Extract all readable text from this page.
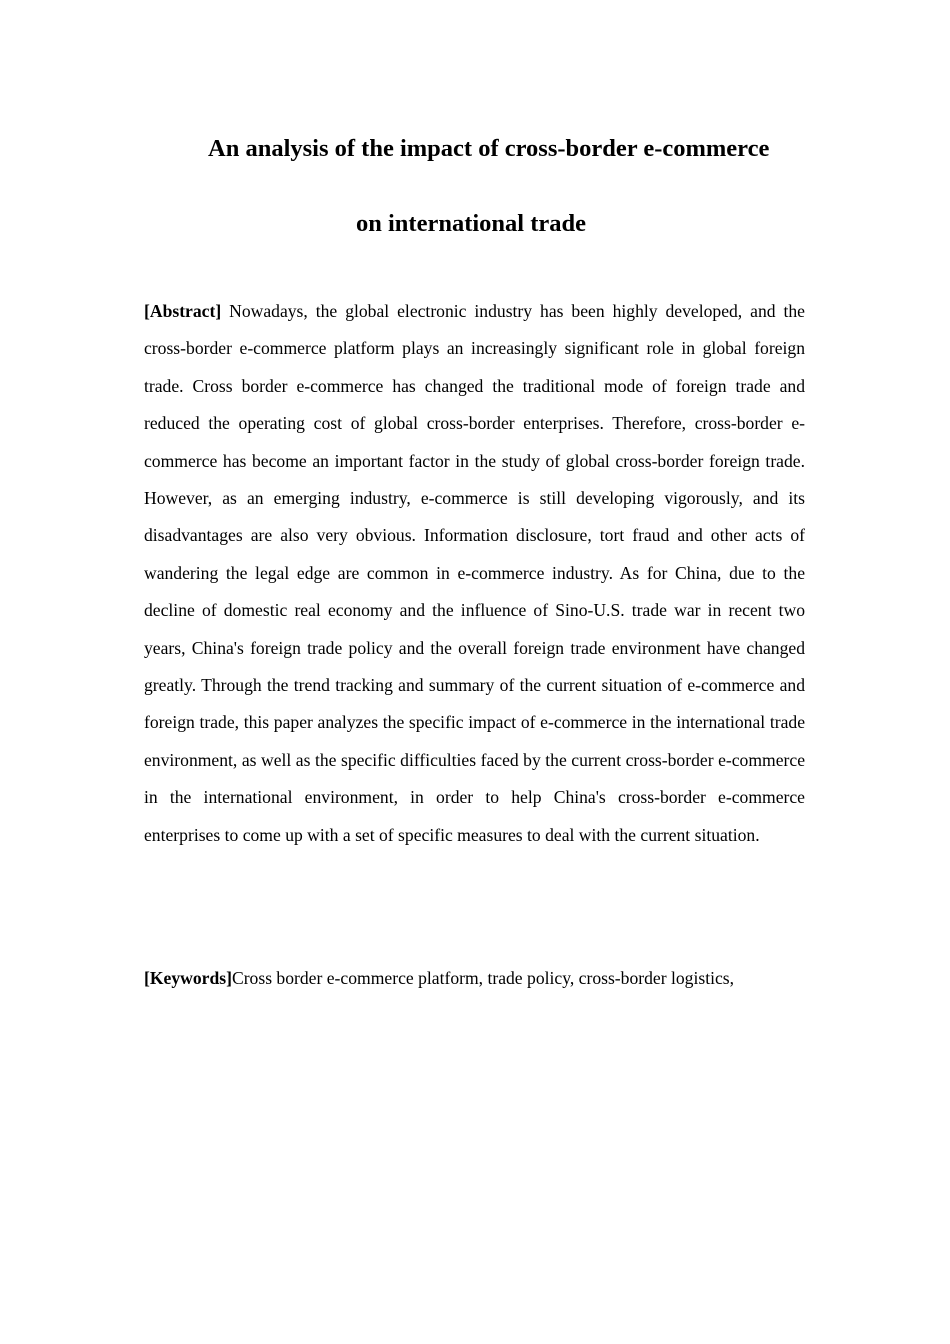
An analysis of the impact of cross-border e-commerce
on international trade

[Abstract] Nowadays, the global electronic industry has been highly developed, and the cross-border e-commerce platform plays an increasingly significant role in global foreign trade. Cross border e-commerce has changed the traditional mode of foreign trade and reduced the operating cost of global cross-border enterprises. Therefore, cross-border e-commerce has become an important factor in the study of global cross-border foreign trade. However, as an emerging industry, e-commerce is still developing vigorously, and its disadvantages are also very obvious. Information disclosure, tort fraud and other acts of wandering the legal edge are common in e-commerce industry. As for China, due to the decline of domestic real economy and the influence of Sino-U.S. trade war in recent two years, China's foreign trade policy and the overall foreign trade environment have changed greatly. Through the trend tracking and summary of the current situation of e-commerce and foreign trade, this paper analyzes the specific impact of e-commerce in the international trade environment, as well as the specific difficulties faced by the current cross-border e-commerce in the international environment, in order to help China's cross-border e-commerce enterprises to come up with a set of specific measures to deal with the current situation.

[Keywords]Cross border e-commerce platform, trade policy, cross-border logistics,
